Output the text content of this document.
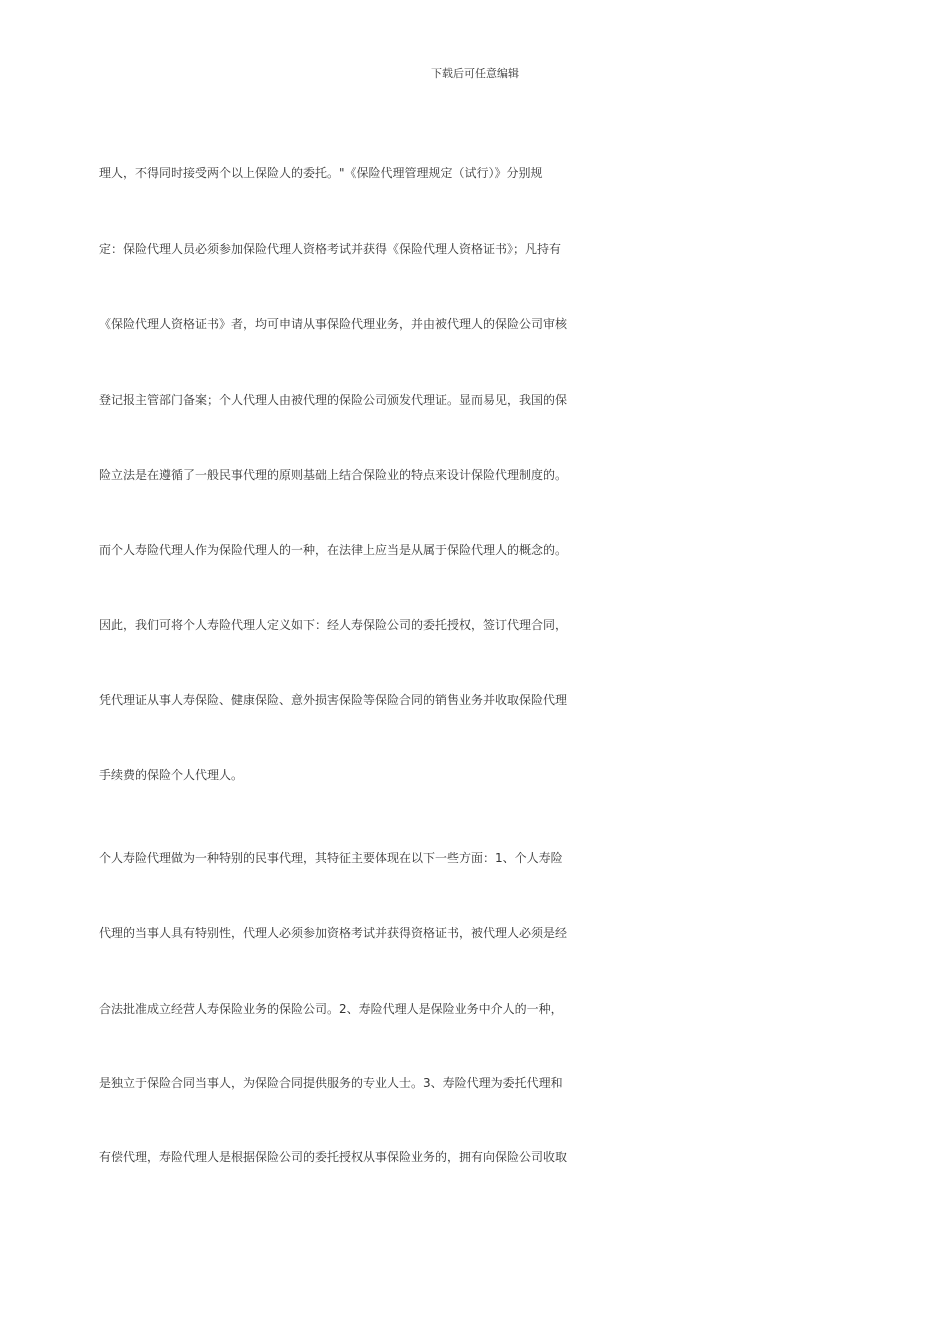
下载后可任意编辑
理人，不得同时接受两个以上保险人的委托。"《保险代理管理规定（试行）》分别规
定：保险代理人员必须参加保险代理人资格考试并获得《保险代理人资格证书》；凡持有
《保险代理人资格证书》者，均可申请从事保险代理业务，并由被代理人的保险公司审核
登记报主管部门备案；个人代理人由被代理的保险公司颁发代理证。显而易见，我国的保
险立法是在遵循了一般民事代理的原则基础上结合保险业的特点来设计保险代理制度的。
而个人寿险代理人作为保险代理人的一种，在法律上应当是从属于保险代理人的概念的。
因此，我们可将个人寿险代理人定义如下：经人寿保险公司的委托授权，签订代理合同，
凭代理证从事人寿保险、健康保险、意外损害保险等保险合同的销售业务并收取保险代理
手续费的保险个人代理人。
个人寿险代理做为一种特别的民事代理，其特征主要体现在以下一些方面：1、个人寿险
代理的当事人具有特别性，代理人必须参加资格考试并获得资格证书，被代理人必须是经
合法批准成立经营人寿保险业务的保险公司。2、寿险代理人是保险业务中介人的一种，
是独立于保险合同当事人，为保险合同提供服务的专业人士。3、寿险代理为委托代理和
有偿代理，寿险代理人是根据保险公司的委托授权从事保险业务的，拥有向保险公司收取
